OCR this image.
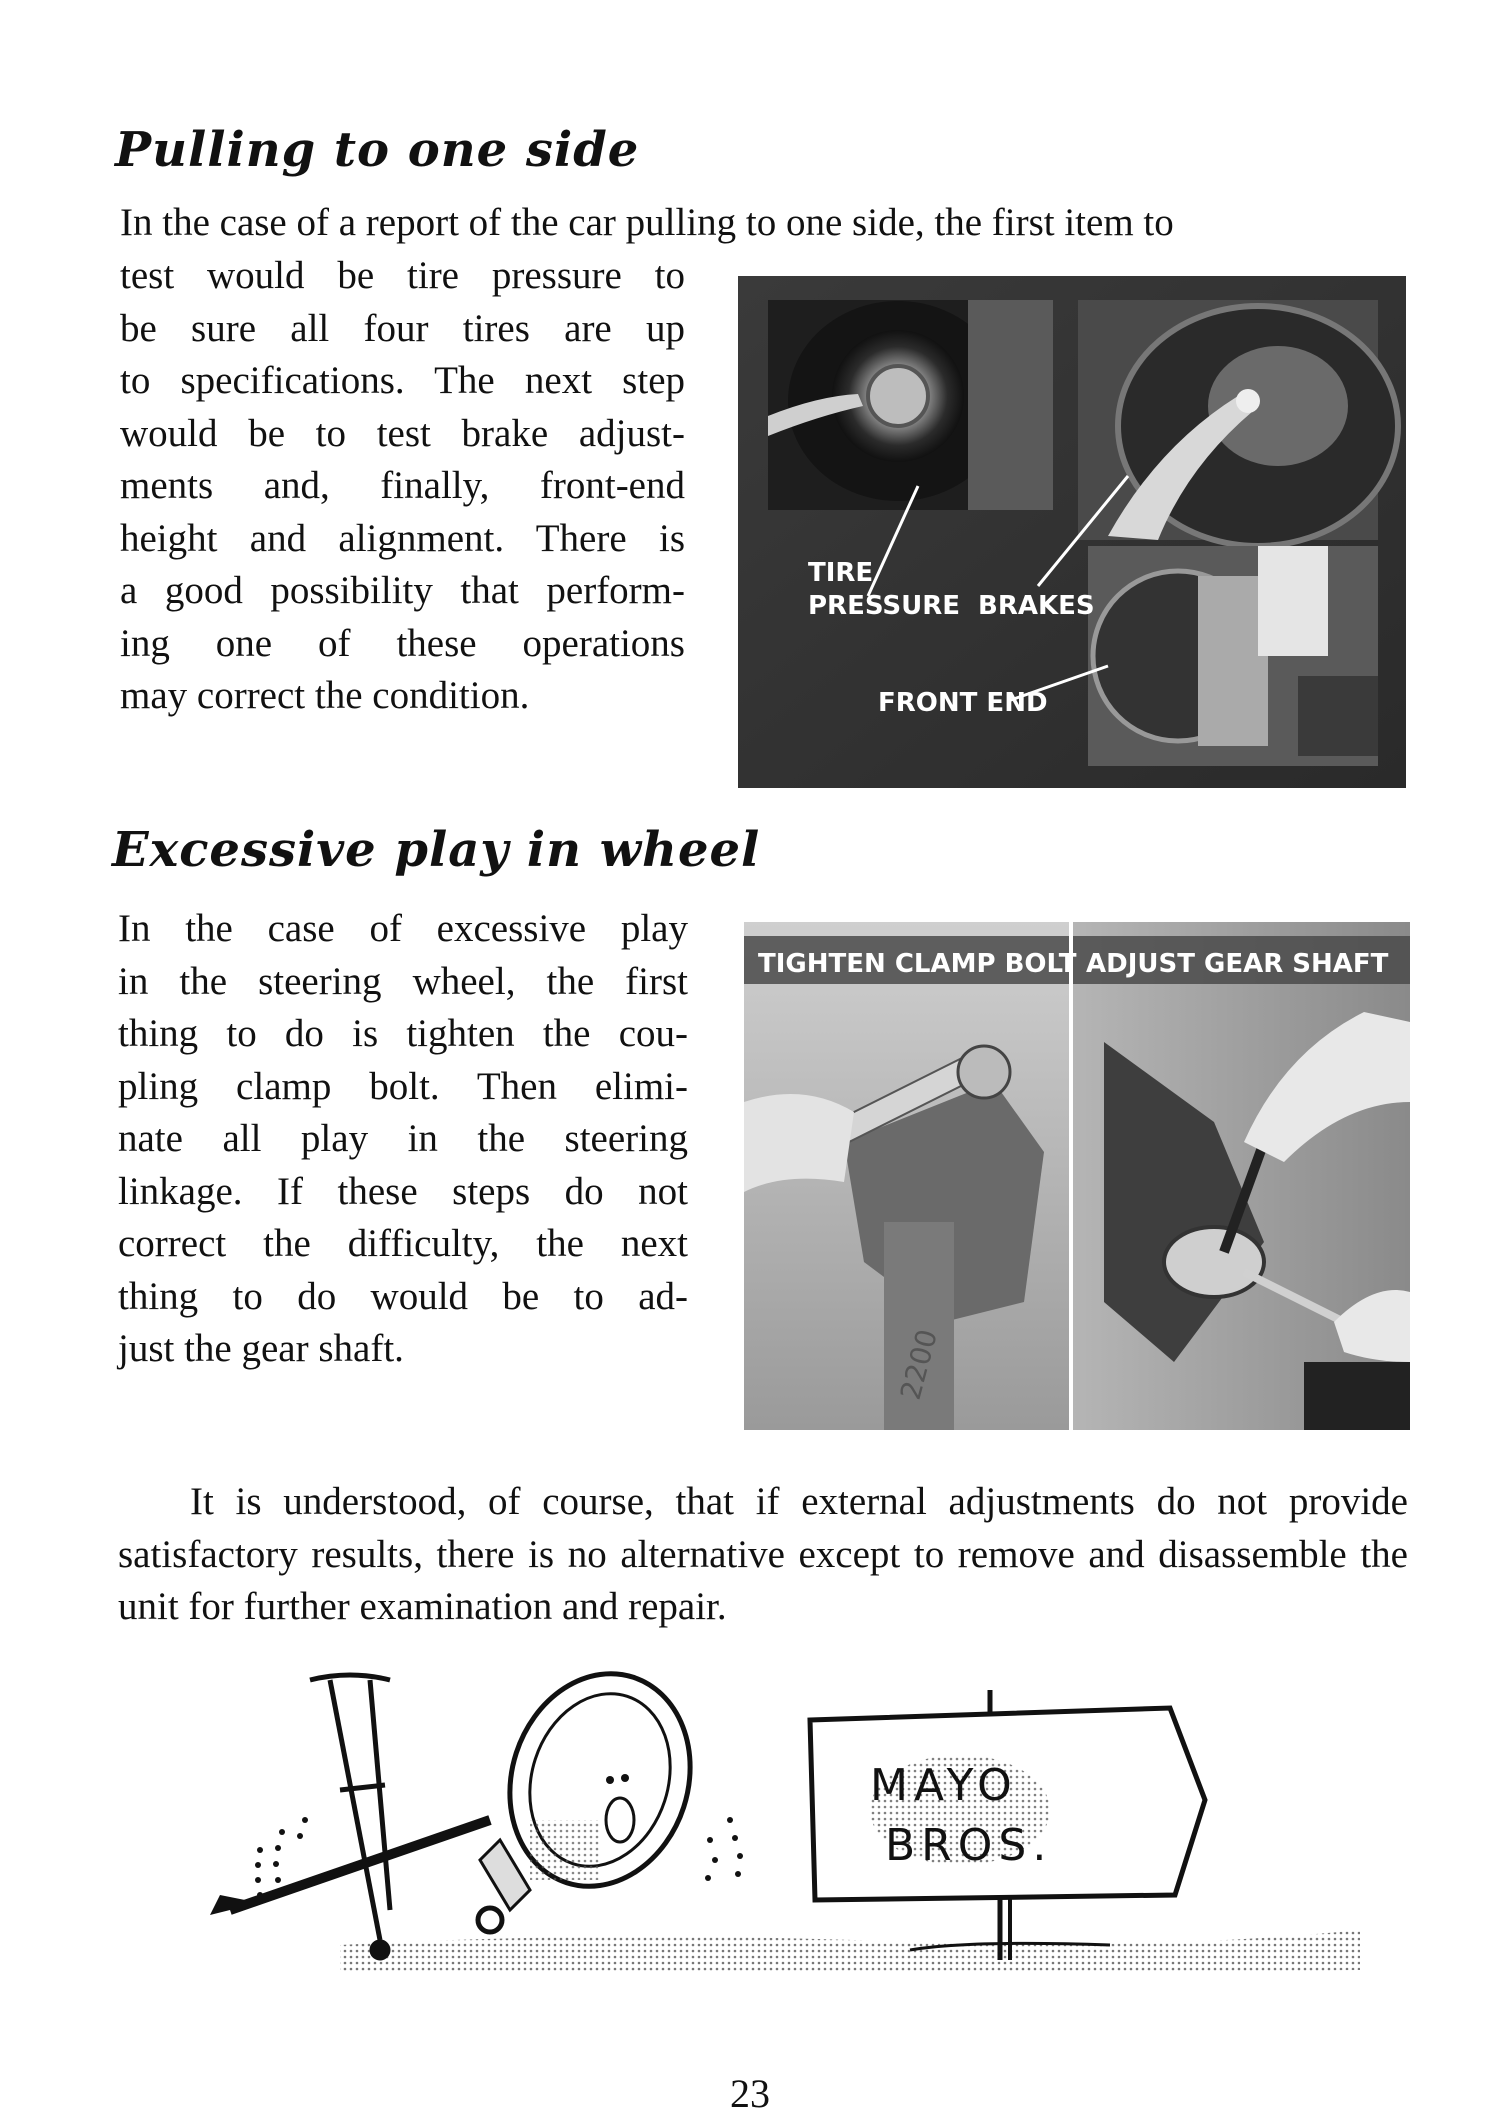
Pulling to one side

In the case of a report of the car pulling to one side, the first item to

test would be tire pressure to
be sure all four tires are up
to specifications. The next step
would be to test brake adjust-
ments and, finally, front-end
height and alignment. There is
a good possibility that perform-
ing one of these operations
may correct the condition.
TIRE
PRESSURE BRAKES
FRONT END
Excessive play in wheel
In the case of excessive play
in the steering wheel, the first
thing to do is tighten the cou-
pling clamp bolt. Then elimi-
nate all play in the steering
linkage. If these steps do not
correct the difficulty, the next
thing to do would be to ad-
just the gear shaft.	2200
TIGHTEN CLAMP BOLT ADJUST GEAR SHAFT

It is understood, of course, that if external adjustments do not provide satisfactory results, there is no alternative except to remove and disassemble the unit for further examination and repair.

MAYO
BROS.
23
